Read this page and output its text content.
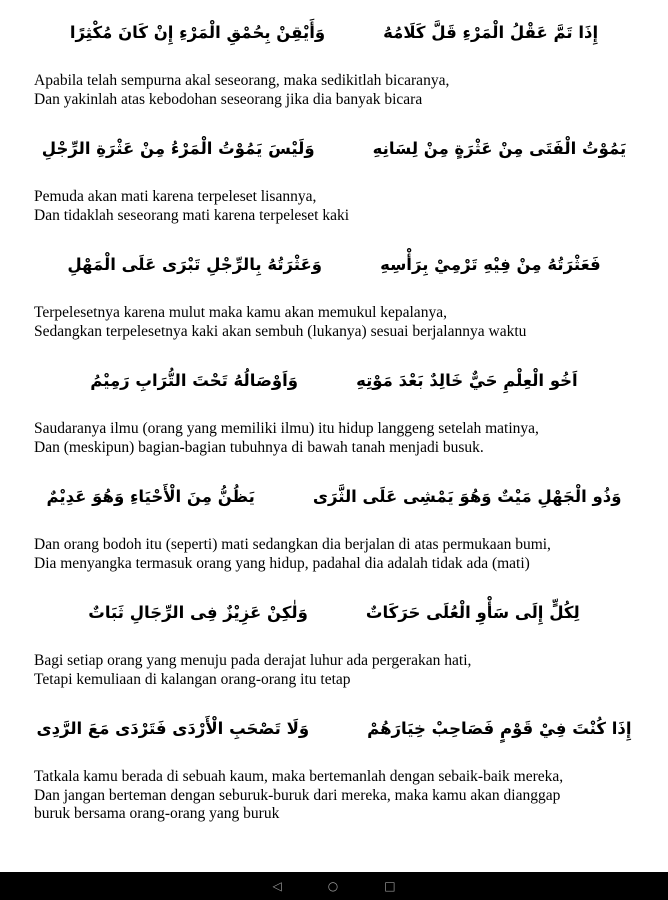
إِذَا تَمَّ عَقْلُ الْمَرْءِ قَلَّ كَلَامُهُ
وَأَيْقِنْ بِحُمْقِ الْمَرْءِ إِنْ كَانَ مُكْثِرًا
Apabila telah sempurna akal seseorang, maka sedikitlah bicaranya,
Dan yakinlah atas kebodohan seseorang jika dia banyak bicara
يَمُوْتُ الْفَتَى مِنْ عَثْرَةٍ مِنْ لِسَانِهِ
وَلَيْسَ يَمُوْتُ الْمَرْءُ مِنْ عَثْرَةِ الرِّجْلِ
Pemuda akan mati karena terpeleset lisannya,
Dan tidaklah seseorang mati karena terpeleset kaki
فَعَثْرَتُهُ مِنْ فِيْهِ تَرْمِيْ بِرَأْسِهِ
وَعَثْرَتُهُ بِالرِّجْلِ تَبْرَى عَلَى الْمَهْلِ
Terpelesetnya karena mulut maka kamu akan memukul kepalanya,
Sedangkan terpelesetnya kaki akan sembuh (lukanya) sesuai berjalannya waktu
اَخُو الْعِلْمِ حَيٌّ خَالِدٌ بَعْدَ مَوْتِهِ
وَاَوْصَالُهُ تَحْتَ التُّرَابِ رَمِيْمُ
Saudaranya ilmu (orang yang memiliki ilmu) itu hidup langgeng setelah matinya,
Dan (meskipun) bagian-bagian tubuhnya di bawah tanah menjadi busuk.
وَذُو الْجَهْلِ مَيْتٌ وَهُوَ يَمْشِى عَلَى الثَّرَى
يَظُنُّ مِنَ الْأَحْيَاءِ وَهُوَ عَدِيْمٌ
Dan orang bodoh itu (seperti) mati sedangkan dia berjalan di atas permukaan bumi,
Dia menyangka termasuk orang yang hidup, padahal dia adalah tidak ada (mati)
لِكُلٍّ إِلَى سَأْوِ الْعُلَى حَرَكَاتٌ
وَلٰكِنْ عَزِيْزٌ فِى الرِّجَالِ ثَبَاتٌ
Bagi setiap orang yang menuju pada derajat luhur ada pergerakan hati,
Tetapi kemuliaan di kalangan orang-orang itu tetap
إِذَا كُنْتَ فِيْ قَوْمٍ فَصَاحِبْ خِيَارَهُمْ
وَلَا تَصْحَبِ الْأَرْدَى فَتَرْدَى مَعَ الرَّدِى
Tatkala kamu berada di sebuah kaum, maka bertemanlah dengan sebaik-baik mereka,
Dan jangan berteman dengan seburuk-buruk dari mereka, maka kamu akan dianggap
buruk bersama orang-orang yang buruk
◁	○	□
